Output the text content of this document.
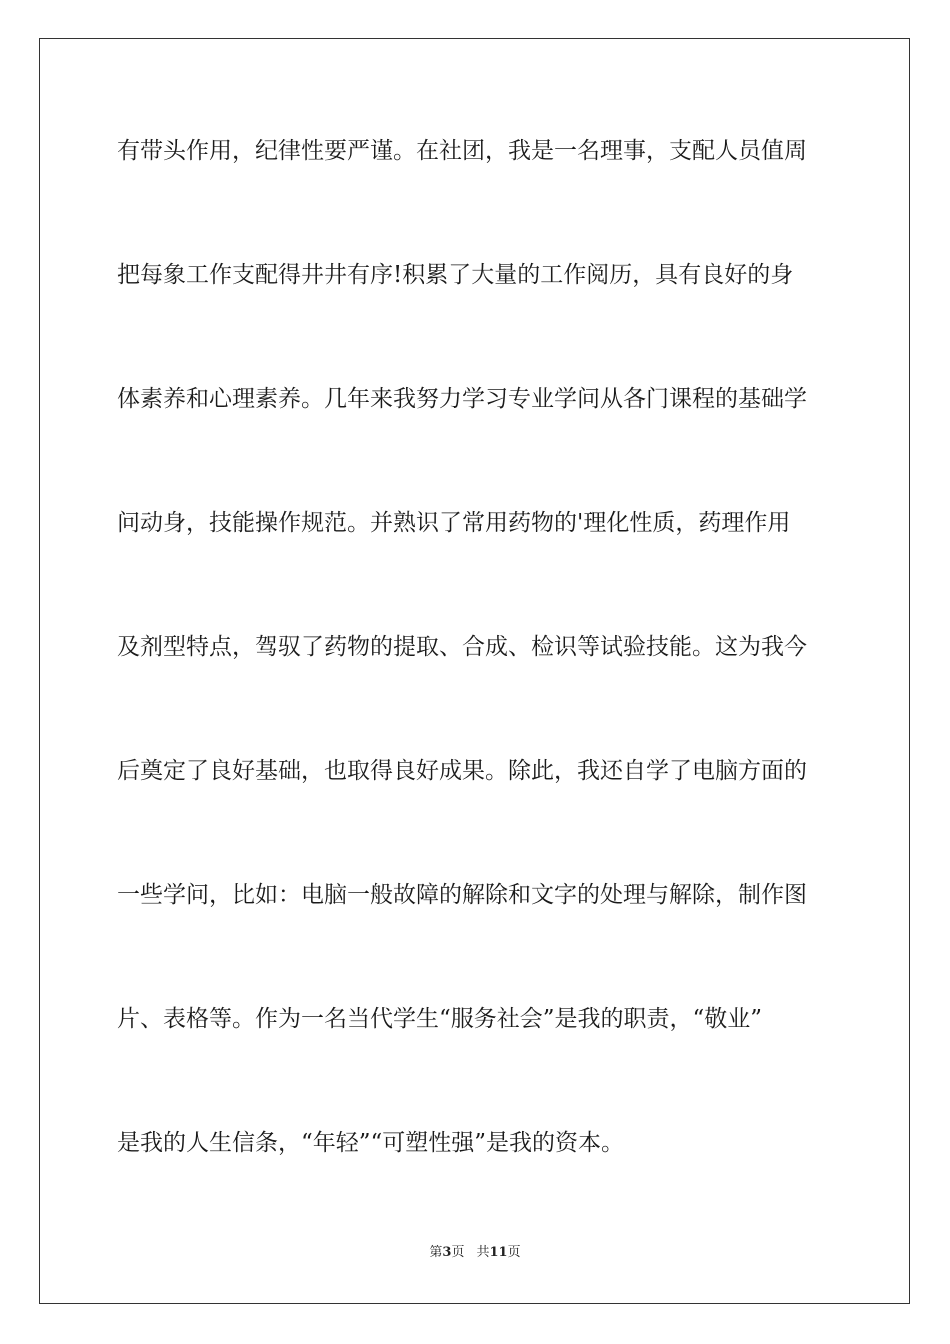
有带头作用，纪律性要严谨。在社团，我是一名理事，支配人员值周
把每象工作支配得井井有序!积累了大量的工作阅历，具有良好的身
体素养和心理素养。几年来我努力学习专业学问从各门课程的基础学
问动身，技能操作规范。并熟识了常用药物的'理化性质，药理作用
及剂型特点，驾驭了药物的提取、合成、检识等试验技能。这为我今
后奠定了良好基础，也取得良好成果。除此，我还自学了电脑方面的
一些学问，比如：电脑一般故障的解除和文字的处理与解除，制作图
片、表格等。作为一名当代学生“服务社会”是我的职责，“敬业”
是我的人生信条，“年轻”“可塑性强”是我的资本。
第3页 共11页
